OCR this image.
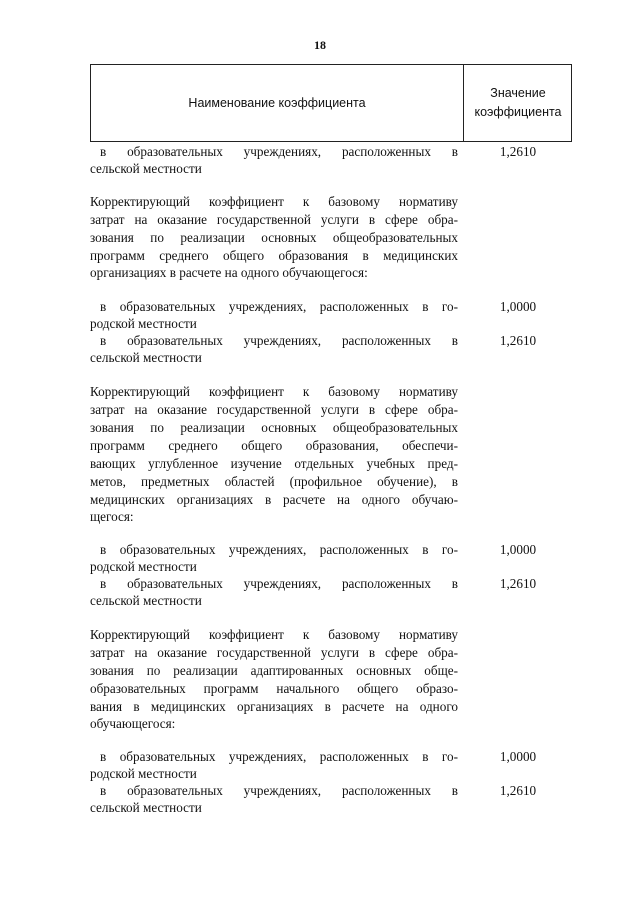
18
Наименование коэффициента
Значение
коэффициента
в образовательных учреждениях, расположенных в
сельской местности
1,2610
Корректирующий коэффициент к базовому нормативу
затрат на оказание государственной услуги в сфере обра-
зования по реализации основных общеобразовательных
программ среднего общего образования в медицинских
организациях в расчете на одного обучающегося:
в образовательных учреждениях, расположенных в го-
родской местности
1,0000
в образовательных учреждениях, расположенных в
сельской местности
1,2610
Корректирующий коэффициент к базовому нормативу
затрат на оказание государственной услуги в сфере обра-
зования по реализации основных общеобразовательных
программ среднего общего образования, обеспечи-
вающих углубленное изучение отдельных учебных пред-
метов, предметных областей (профильное обучение), в
медицинских организациях в расчете на одного обучаю-
щегося:
в образовательных учреждениях, расположенных в го-
родской местности
1,0000
в образовательных учреждениях, расположенных в
сельской местности
1,2610
Корректирующий коэффициент к базовому нормативу
затрат на оказание государственной услуги в сфере обра-
зования по реализации адаптированных основных обще-
образовательных программ начального общего образо-
вания в медицинских организациях в расчете на одного
обучающегося:
в образовательных учреждениях, расположенных в го-
родской местности
1,0000
в образовательных учреждениях, расположенных в
сельской местности
1,2610
